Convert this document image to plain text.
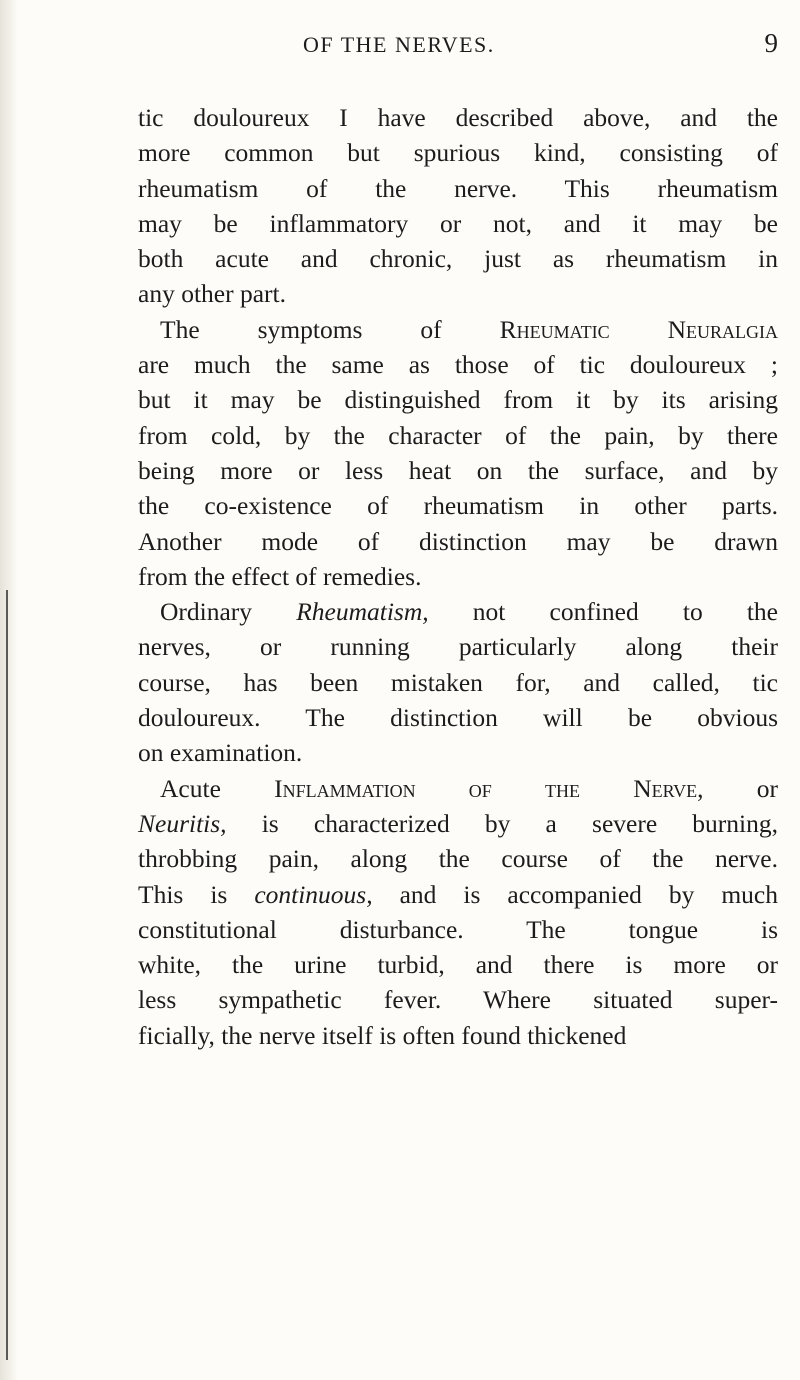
OF THE NERVES.	9
tic douloureux I have described above, and the
more common but spurious kind, consisting of
rheumatism of the nerve. This rheumatism
may be inflammatory or not, and it may be
both acute and chronic, just as rheumatism in
any other part.
The symptoms of Rheumatic Neuralgia
are much the same as those of tic douloureux ;
but it may be distinguished from it by its arising
from cold, by the character of the pain, by there
being more or less heat on the surface, and by
the co-existence of rheumatism in other parts.
Another mode of distinction may be drawn
from the effect of remedies.
Ordinary Rheumatism, not confined to the
nerves, or running particularly along their
course, has been mistaken for, and called, tic
douloureux. The distinction will be obvious
on examination.
Acute Inflammation of the Nerve, or
Neuritis, is characterized by a severe burning,
throbbing pain, along the course of the nerve.
This is continuous, and is accompanied by much
constitutional disturbance. The tongue is
white, the urine turbid, and there is more or
less sympathetic fever. Where situated super-
ficially, the nerve itself is often found thickened
